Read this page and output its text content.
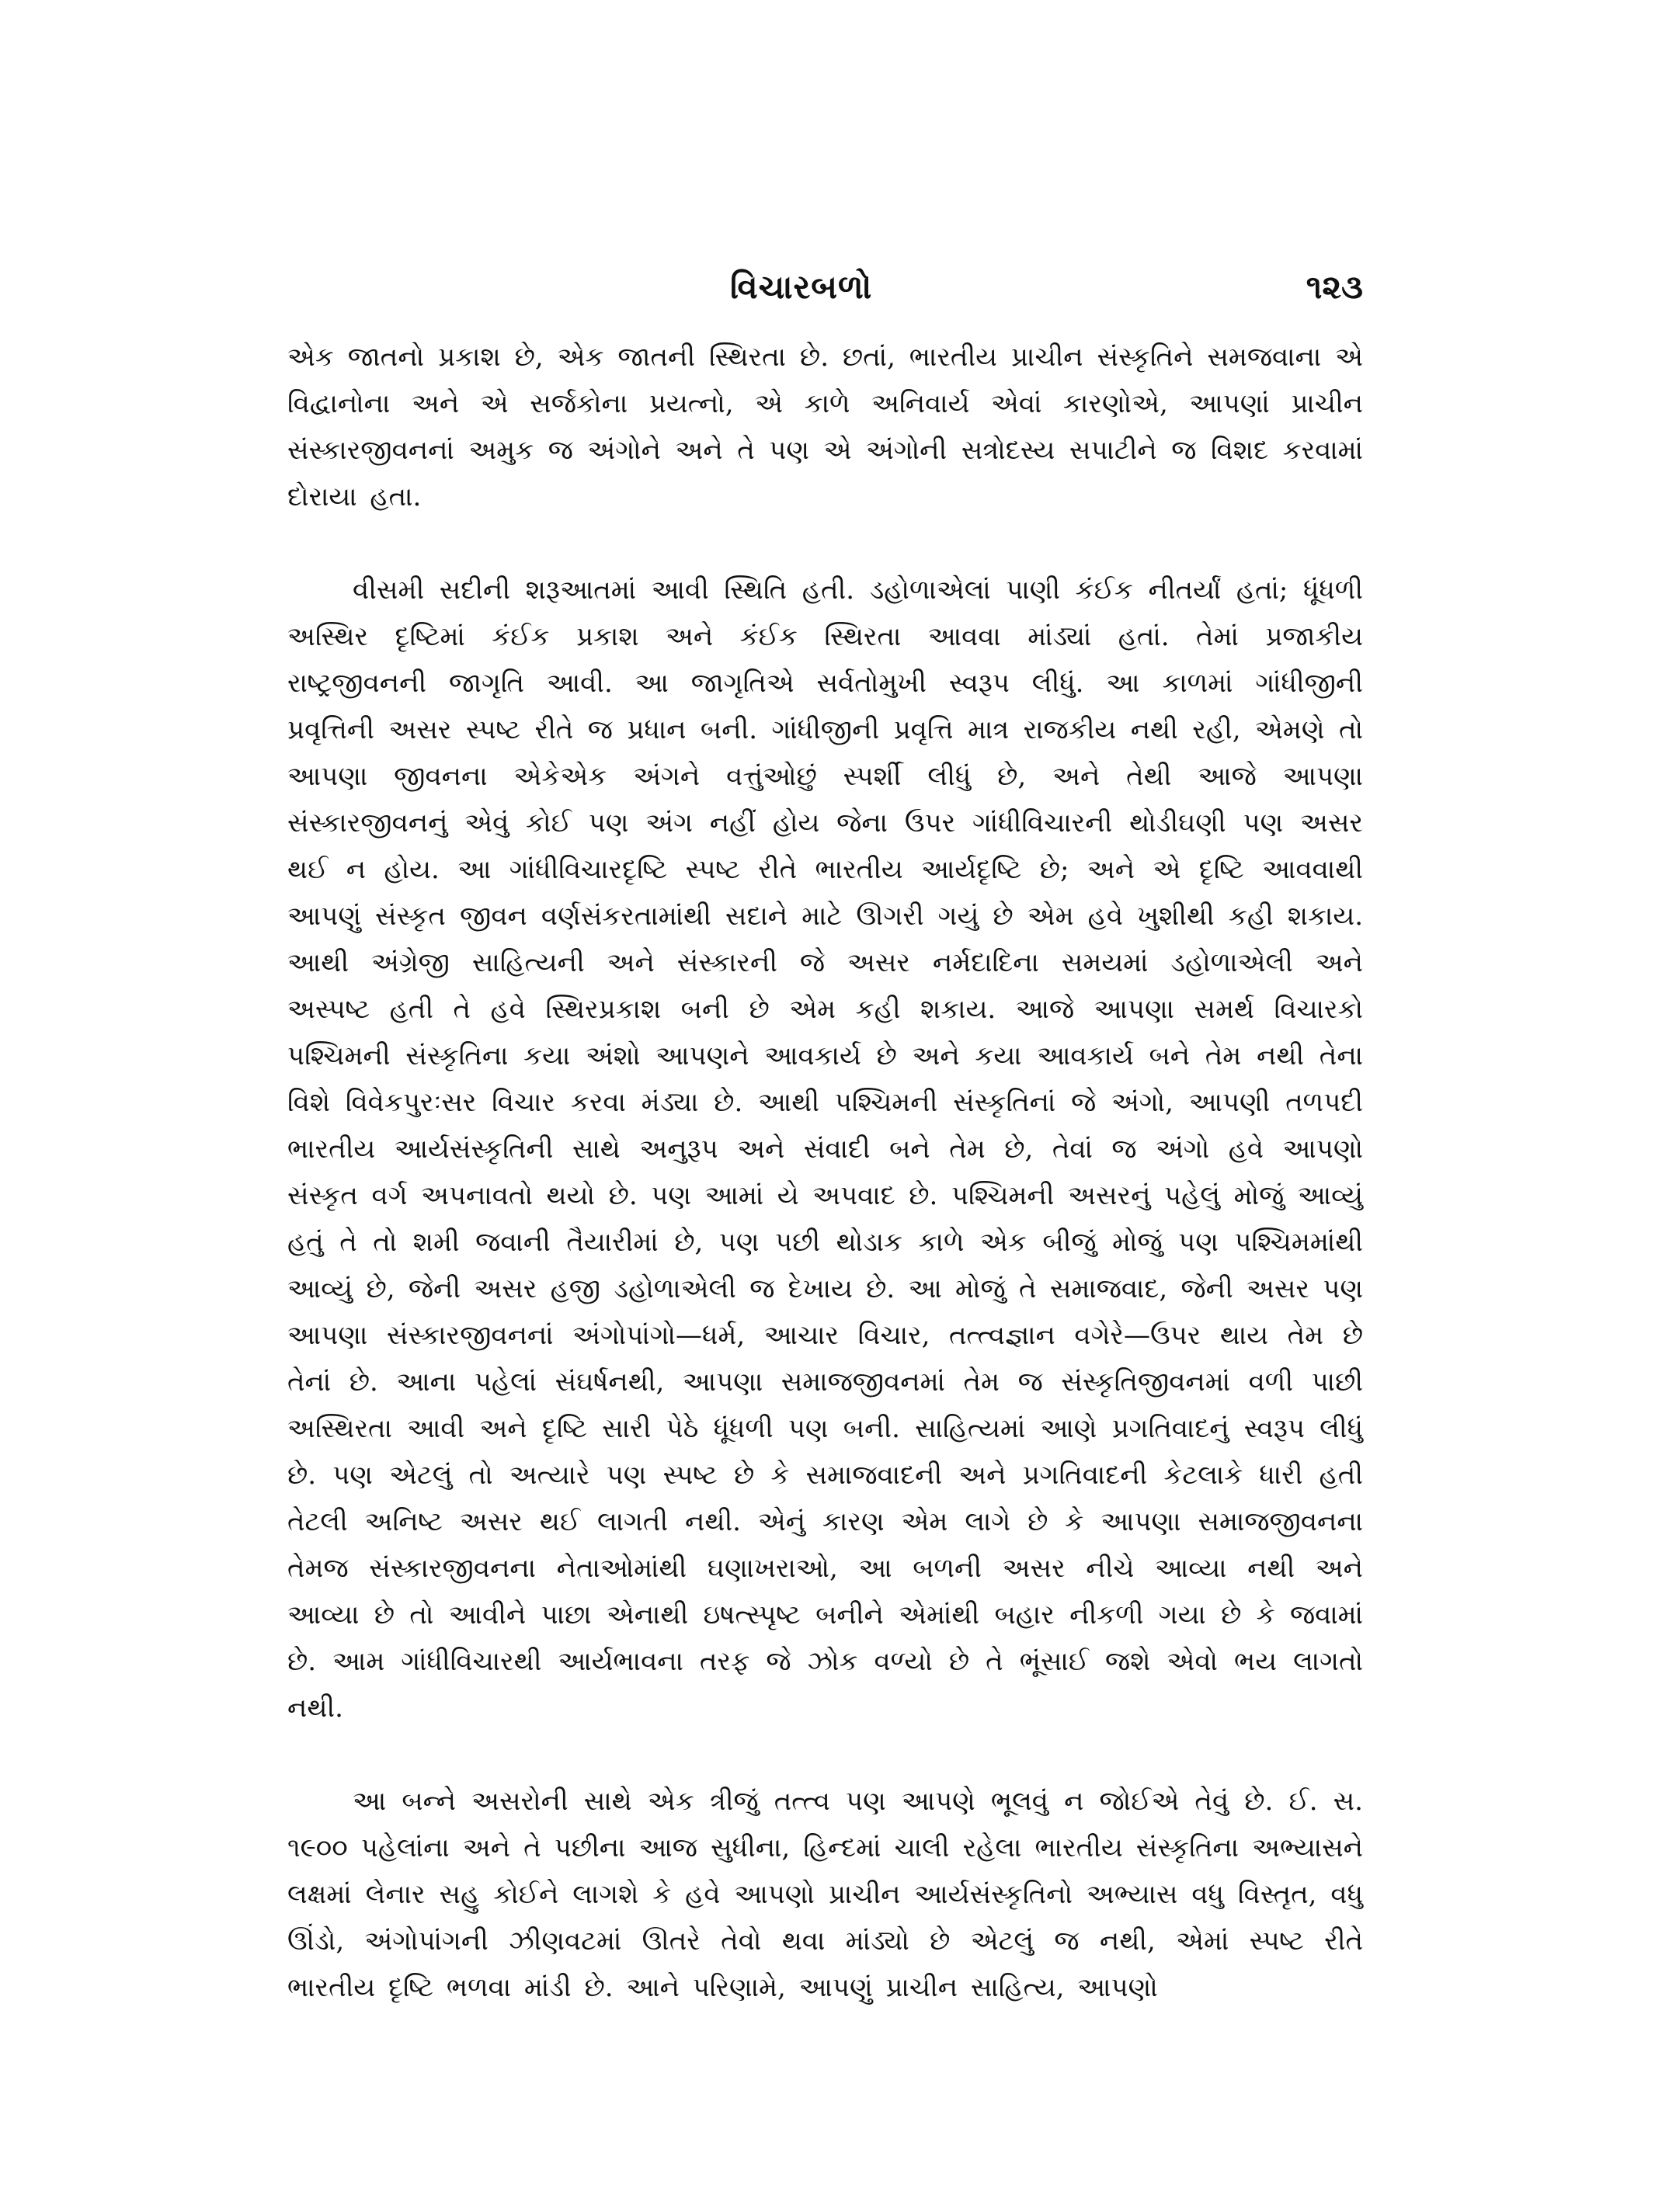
વિચારબળો	૧૨૩

એક જાતનો પ્રકાશ છે, એક જાતની સ્થિરતા છે. છતાં, ભારતીય પ્રાચીન સંસ્કૃતિને સમજવાના એ વિદ્વાનોના અને એ સર્જકોના પ્રયત્નો, એ કાળે અનિવાર્ય એવાં કારણોએ, આપણાં પ્રાચીન સંસ્કારજીવનનાં અમુક જ અંગોને અને તે પણ એ અંગોની સત્રોદસ્ય સપાટીને જ વિશદ કરવામાં દોરાયા હતા.

વીસમી સદીની શરૂઆતમાં આવી સ્થિતિ હતી. ડહોળાએલાં પાણી કંઈક નીતર્યાં હતાં; ધૂંધળી અસ્થિર દૃષ્ટિમાં કંઈક પ્રકાશ અને કંઈક સ્થિરતા આવવા માંડ્યાં હતાં. તેમાં પ્રજાકીય રાષ્ટ્રજીવનની જાગૃતિ આવી. આ જાગૃતિએ સર્વતોમુખી સ્વરૂપ લીધું. આ કાળમાં ગાંધીજીની પ્રવૃત્તિની અસર સ્પષ્ટ રીતે જ પ્રધાન બની. ગાંધીજીની પ્રવૃત્તિ માત્ર રાજકીય નથી રહી, એમણે તો આપણા જીવનના એકેએક અંગને વત્તુંઓછું સ્પર્શી લીધું છે, અને તેથી આજે આપણા સંસ્કારજીવનનું એવું કોઈ પણ અંગ નહીં હોય જેના ઉપર ગાંધીવિચારની થોડીઘણી પણ અસર થઈ ન હોય. આ ગાંધીવિચારદૃષ્ટિ સ્પષ્ટ રીતે ભારતીય આર્યદૃષ્ટિ છે; અને એ દૃષ્ટિ આવવાથી આપણું સંસ્કૃત જીવન વર્ણસંકરતામાંથી સદાને માટે ઊગરી ગયું છે એમ હવે ખુશીથી કહી શકાય. આથી અંગ્રેજી સાહિત્યની અને સંસ્કારની જે અસર નર્મદાદિના સમયમાં ડહોળાએલી અને અસ્પષ્ટ હતી તે હવે સ્થિરપ્રકાશ બની છે એમ કહી શકાય. આજે આપણા સમર્થ વિચારકો પશ્ચિમની સંસ્કૃતિના કયા અંશો આપણને આવકાર્ય છે અને કયા આવકાર્ય બને તેમ નથી તેના વિશે વિવેકપુરઃસર વિચાર કરવા મંડ્યા છે. આથી પશ્ચિમની સંસ્કૃતિનાં જે અંગો, આપણી તળપદી ભારતીય આર્યસંસ્કૃતિની સાથે અનુરૂપ અને સંવાદી બને તેમ છે, તેવાં જ અંગો હવે આપણો સંસ્કૃત વર્ગ અપનાવતો થયો છે. પણ આમાં યે અપવાદ છે. પશ્ચિમની અસરનું પહેલું મોજું આવ્યું હતું તે તો શમી જવાની તૈયારીમાં છે, પણ પછી થોડાક કાળે એક બીજું મોજું પણ પશ્ચિમમાંથી આવ્યું છે, જેની અસર હજી ડહોળાએલી જ દેખાય છે. આ મોજું તે સમાજવાદ, જેની અસર પણ આપણા સંસ્કારજીવનનાં અંગોપાંગો—ધર્મ, આચાર વિચાર, તત્ત્વજ્ઞાન વગેરે—ઉપર થાય તેમ છે તેનાં છે. આના પહેલાં સંઘર્ષનથી, આપણા સમાજજીવનમાં તેમ જ સંસ્કૃતિજીવનમાં વળી પાછી અસ્થિરતા આવી અને દૃષ્ટિ સારી પેઠે ધૂંધળી પણ બની. સાહિત્યમાં આણે પ્રગતિવાદનું સ્વરૂપ લીધું છે. પણ એટલું તો અત્યારે પણ સ્પષ્ટ છે કે સમાજવાદની અને પ્રગતિવાદની કેટલાકે ધારી હતી તેટલી અનિષ્ટ અસર થઈ લાગતી નથી. એનું કારણ એમ લાગે છે કે આપણા સમાજજીવનના તેમજ સંસ્કારજીવનના નેતાઓમાંથી ઘણાખરાઓ, આ બળની અસર નીચે આવ્યા નથી અને આવ્યા છે તો આવીને પાછા એનાથી ઇષત્સ્પૃષ્ટ બનીને એમાંથી બહાર નીકળી ગયા છે કે જવામાં છે. આમ ગાંધીવિચારથી આર્યભાવના તરફ જે ઝોક વળ્યો છે તે ભૂંસાઈ જશે એવો ભય લાગતો નથી.

આ બન્ને અસરોની સાથે એક ત્રીજું તત્ત્વ પણ આપણે ભૂલવું ન જોઈએ તેવું છે. ઈ. સ. ૧૯૦૦ પહેલાંના અને તે પછીના આજ સુધીના, હિન્દમાં ચાલી રહેલા ભારતીય સંસ્કૃતિના અભ્યાસને લક્ષમાં લેનાર સહુ કોઈને લાગશે કે હવે આપણો પ્રાચીન આર્યસંસ્કૃતિનો અભ્યાસ વધુ વિસ્તૃત, વધુ ઊંડો, અંગોપાંગની ઝીણવટમાં ઊતરે તેવો થવા માંડ્યો છે એટલું જ નથી, એમાં સ્પષ્ટ રીતે ભારતીય દૃષ્ટિ ભળવા માંડી છે. આને પરિણામે, આપણું પ્રાચીન સાહિત્ય, આપણો
